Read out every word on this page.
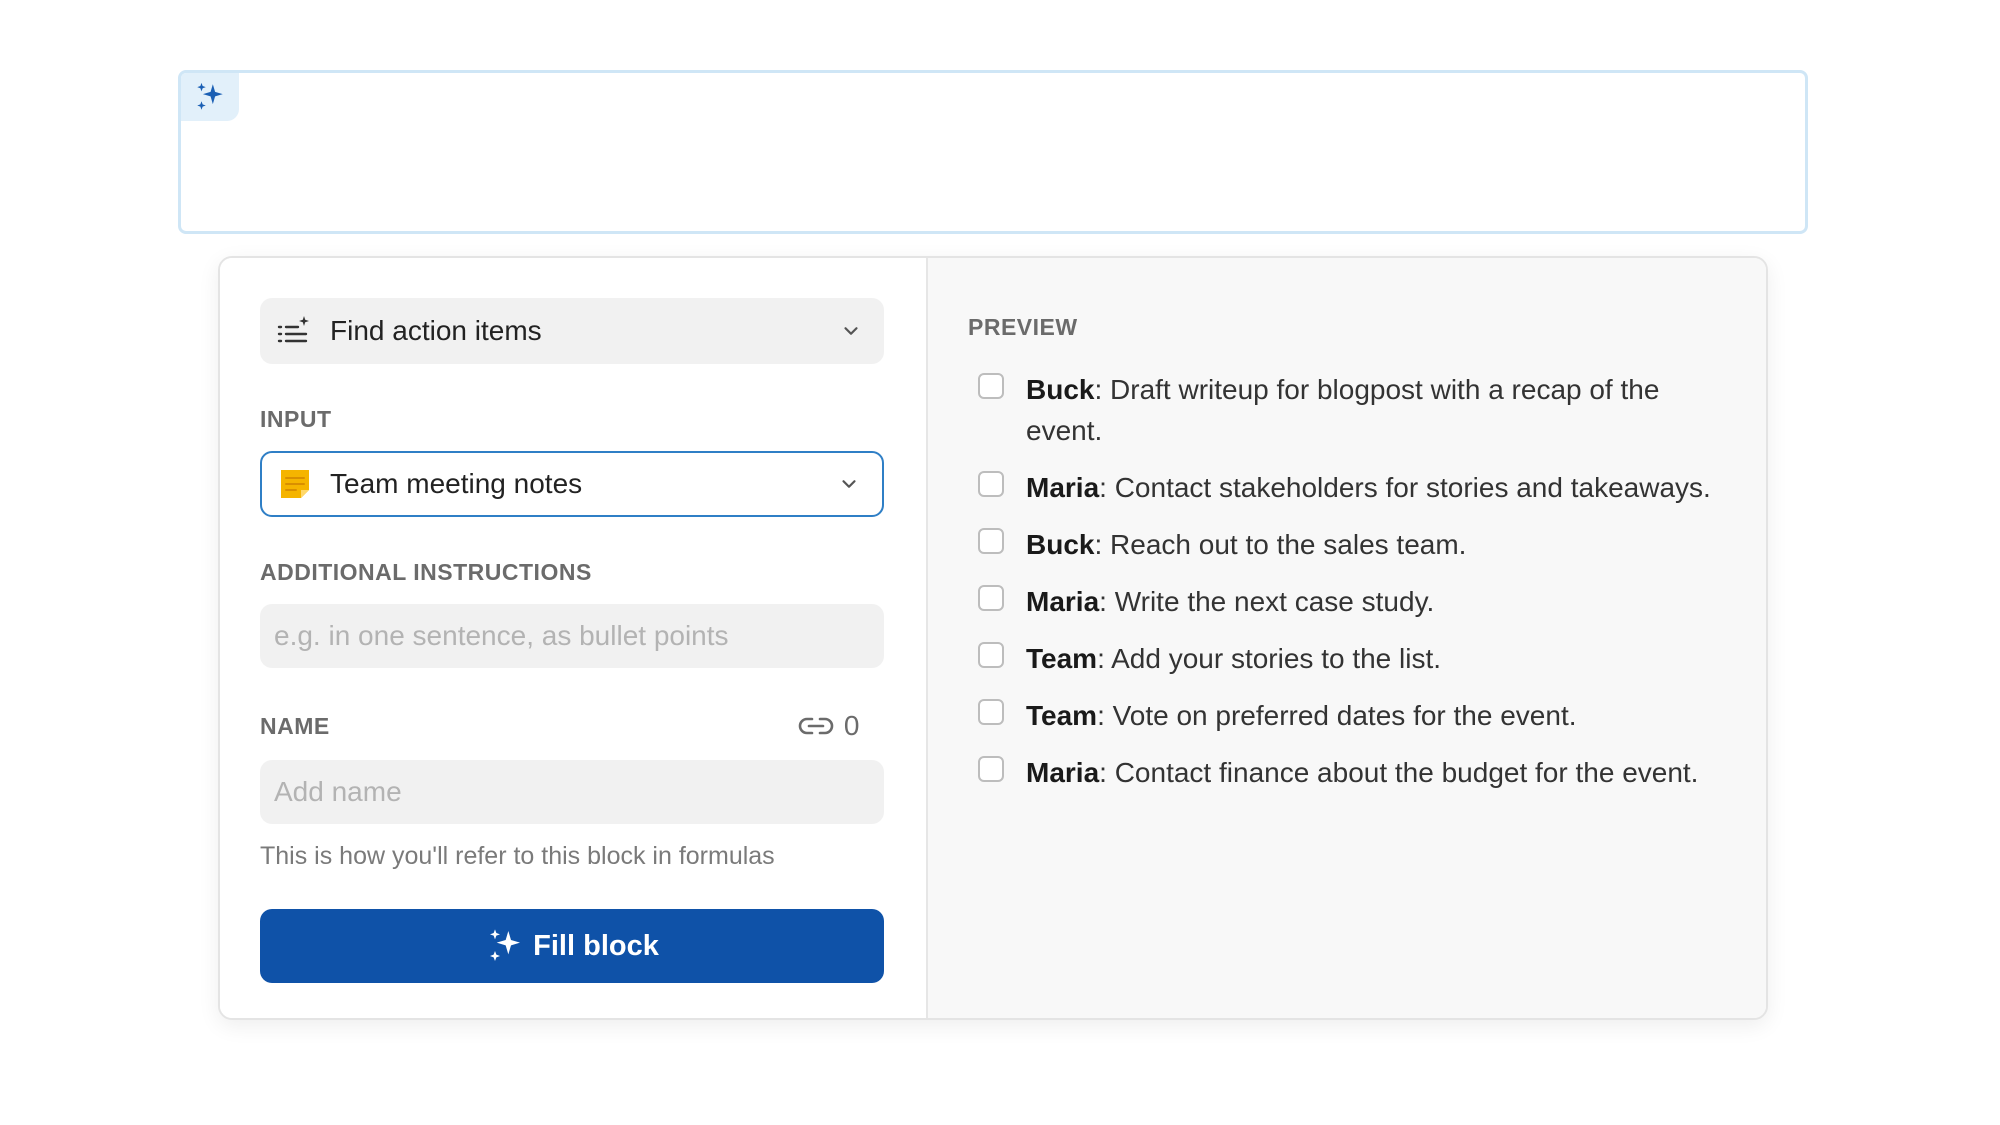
Find action items
INPUT
Team meeting notes
ADDITIONAL INSTRUCTIONS
e.g. in one sentence, as bullet points
NAME	0
Add name
This is how you'll refer to this block in formulas
Fill block
PREVIEW
Buck: Draft writeup for blogpost with a recap of the event.
Maria: Contact stakeholders for stories and takeaways.
Buck: Reach out to the sales team.
Maria: Write the next case study.
Team: Add your stories to the list.
Team: Vote on preferred dates for the event.
Maria: Contact finance about the budget for the event.
